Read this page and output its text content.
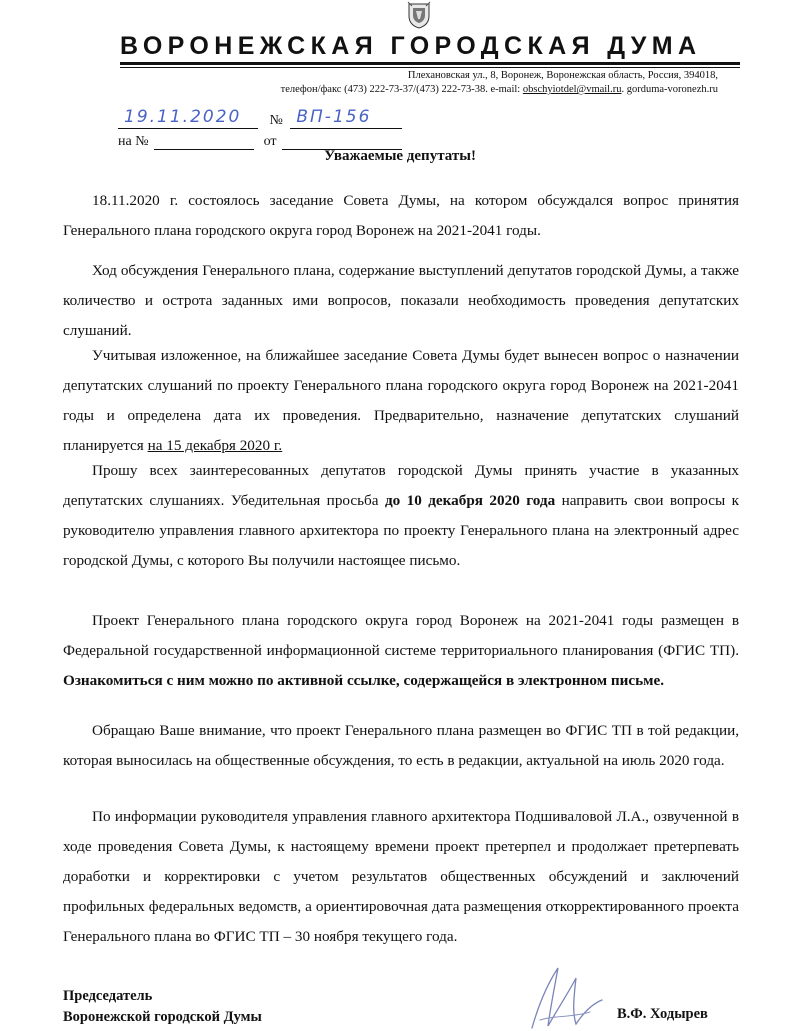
ВОРОНЕЖСКАЯ ГОРОДСКАЯ ДУМА
Плехановская ул., 8, Воронеж, Воронежская область, Россия, 394018,
телефон/факс (473) 222-73-37/(473) 222-73-38. e-mail: obschyiotdel@vmail.ru. gorduma-voronezh.ru
19.11.2020 № ВП-156
на №	от
Уважаемые депутаты!
18.11.2020 г. состоялось заседание Совета Думы, на котором обсуждался вопрос принятия Генерального плана городского округа город Воронеж на 2021-2041 годы.
Ход обсуждения Генерального плана, содержание выступлений депутатов городской Думы, а также количество и острота заданных ими вопросов, показали необходимость проведения депутатских слушаний.
Учитывая изложенное, на ближайшее заседание Совета Думы будет вынесен вопрос о назначении депутатских слушаний по проекту Генерального плана городского округа город Воронеж на 2021-2041 годы и определена дата их проведения. Предварительно, назначение депутатских слушаний планируется на 15 декабря 2020 г.
Прошу всех заинтересованных депутатов городской Думы принять участие в указанных депутатских слушаниях. Убедительная просьба до 10 декабря 2020 года направить свои вопросы к руководителю управления главного архитектора по проекту Генерального плана на электронный адрес городской Думы, с которого Вы получили настоящее письмо.
Проект Генерального плана городского округа город Воронеж на 2021-2041 годы размещен в Федеральной государственной информационной системе территориального планирования (ФГИС ТП). Ознакомиться с ним можно по активной ссылке, содержащейся в электронном письме.
Обращаю Ваше внимание, что проект Генерального плана размещен во ФГИС ТП в той редакции, которая выносилась на общественные обсуждения, то есть в редакции, актуальной на июль 2020 года.
По информации руководителя управления главного архитектора Подшиваловой Л.А., озвученной в ходе проведения Совета Думы, к настоящему времени проект претерпел и продолжает претерпевать доработки и корректировки с учетом результатов общественных обсуждений и заключений профильных федеральных ведомств, а ориентировочная дата размещения откорректированного проекта Генерального плана во ФГИС ТП – 30 ноября текущего года.
Председатель
Воронежской городской Думы	В.Ф. Ходырев
